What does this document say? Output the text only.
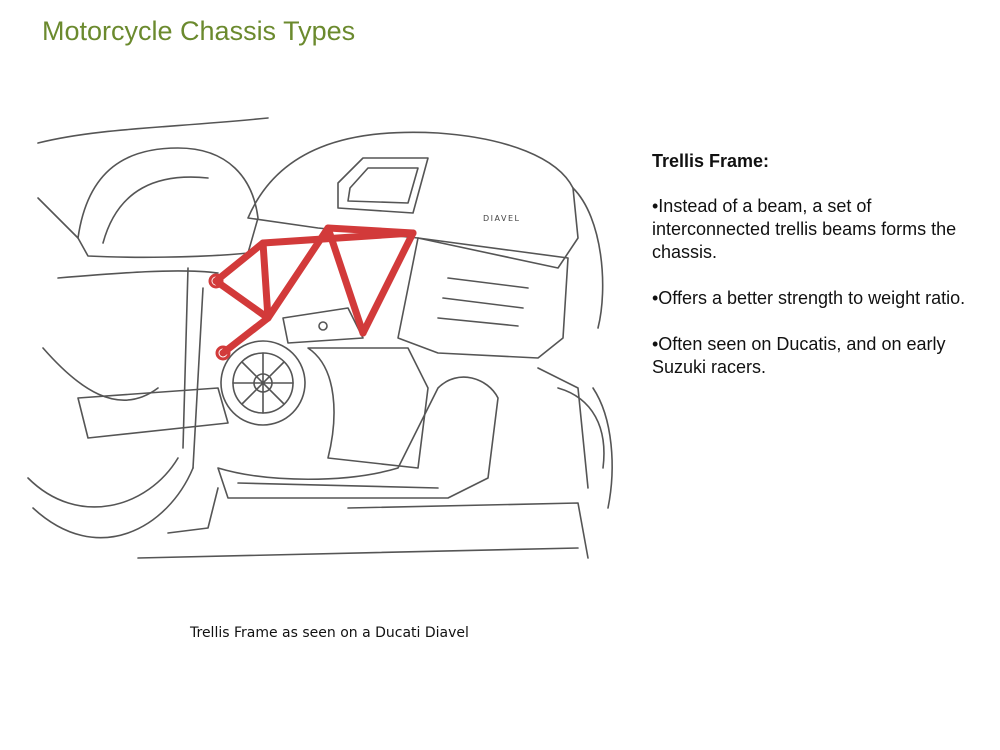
Motorcycle Chassis Types
DIAVEL
Trellis Frame as seen on a Ducati Diavel

Trellis Frame:

•Instead of a beam, a set of interconnected trellis beams forms the chassis.

•Offers a better strength to weight ratio.

•Often seen on Ducatis, and on early Suzuki racers.
